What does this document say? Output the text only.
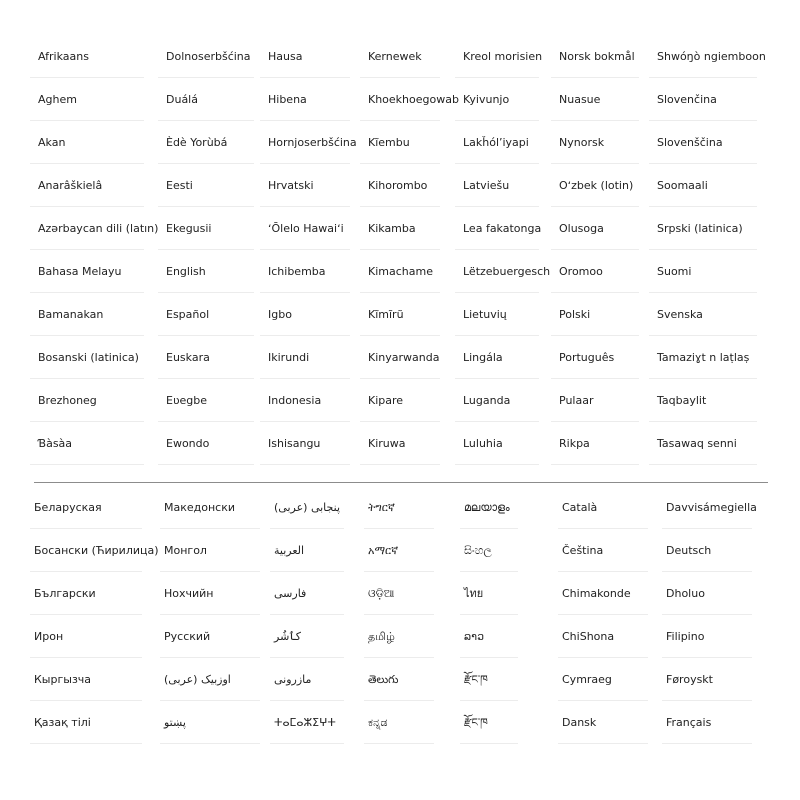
Afrikaans
Aghem
Akan
Anarâškielâ
Azərbaycan dili (latın)
Bahasa Melayu
Bamanakan
Bosanski (latinica)
Brezhoneg
Ɓàsàa
Dolnoserbšćina
Duálá
Èdè Yorùbá
Eesti
Ekegusii
English
Español
Euskara
Eʋegbe
Ewondo
Hausa
Hibena
Hornjoserbšćina
Hrvatski
ʻŌlelo Hawaiʻi
Ichibemba
Igbo
Ikirundi
Indonesia
Ishisangu
Kernewek
Khoekhoegowab
Kĩembu
Kihorombo
Kikamba
Kimachame
Kĩmĩrũ
Kinyarwanda
Kipare
Kiruwa
Kreol morisien
Kyivunjo
Lakȟólʼiyapi
Latviešu
Lea fakatonga
Lëtzebuergesch
Lietuvių
Lingála
Luganda
Luluhia
Norsk bokmål
Nuasue
Nynorsk
Oʻzbek (lotin)
Olusoga
Oromoo
Polski
Português
Pulaar
Rikpa
Shwóŋò ngiemboon
Slovenčina
Slovenščina
Soomaali
Srpski (latinica)
Suomi
Svenska
Tamaziɣt n laṭlaṣ
Taqbaylit
Tasawaq senni
Беларуская
Босански (Ћирилица)
Български
Ирон
Кыргызча
Қазақ тілі
Македонски
Монгол
Нохчийн
Русский
اوزبیک (عربی)
پښتو
پنجابی (عربی)
العربية
فارسی
کٲشُر
مازرونی
ⵜⴰⵎⴰⵣⵉⵖⵜ
ትግርኛ
አማርኛ
ଓଡ଼ିଆ
தமிழ்
తెలుగు
ಕನ್ನಡ
മലയാളം
සිංහල
ไทย
ລາວ
རྫོང་ཁ
རྫོང་ཁ
Català
Čeština
Chimakonde
ChiShona
Cymraeg
Dansk
Davvisámegiella
Deutsch
Dholuo
Filipino
Føroyskt
Français
